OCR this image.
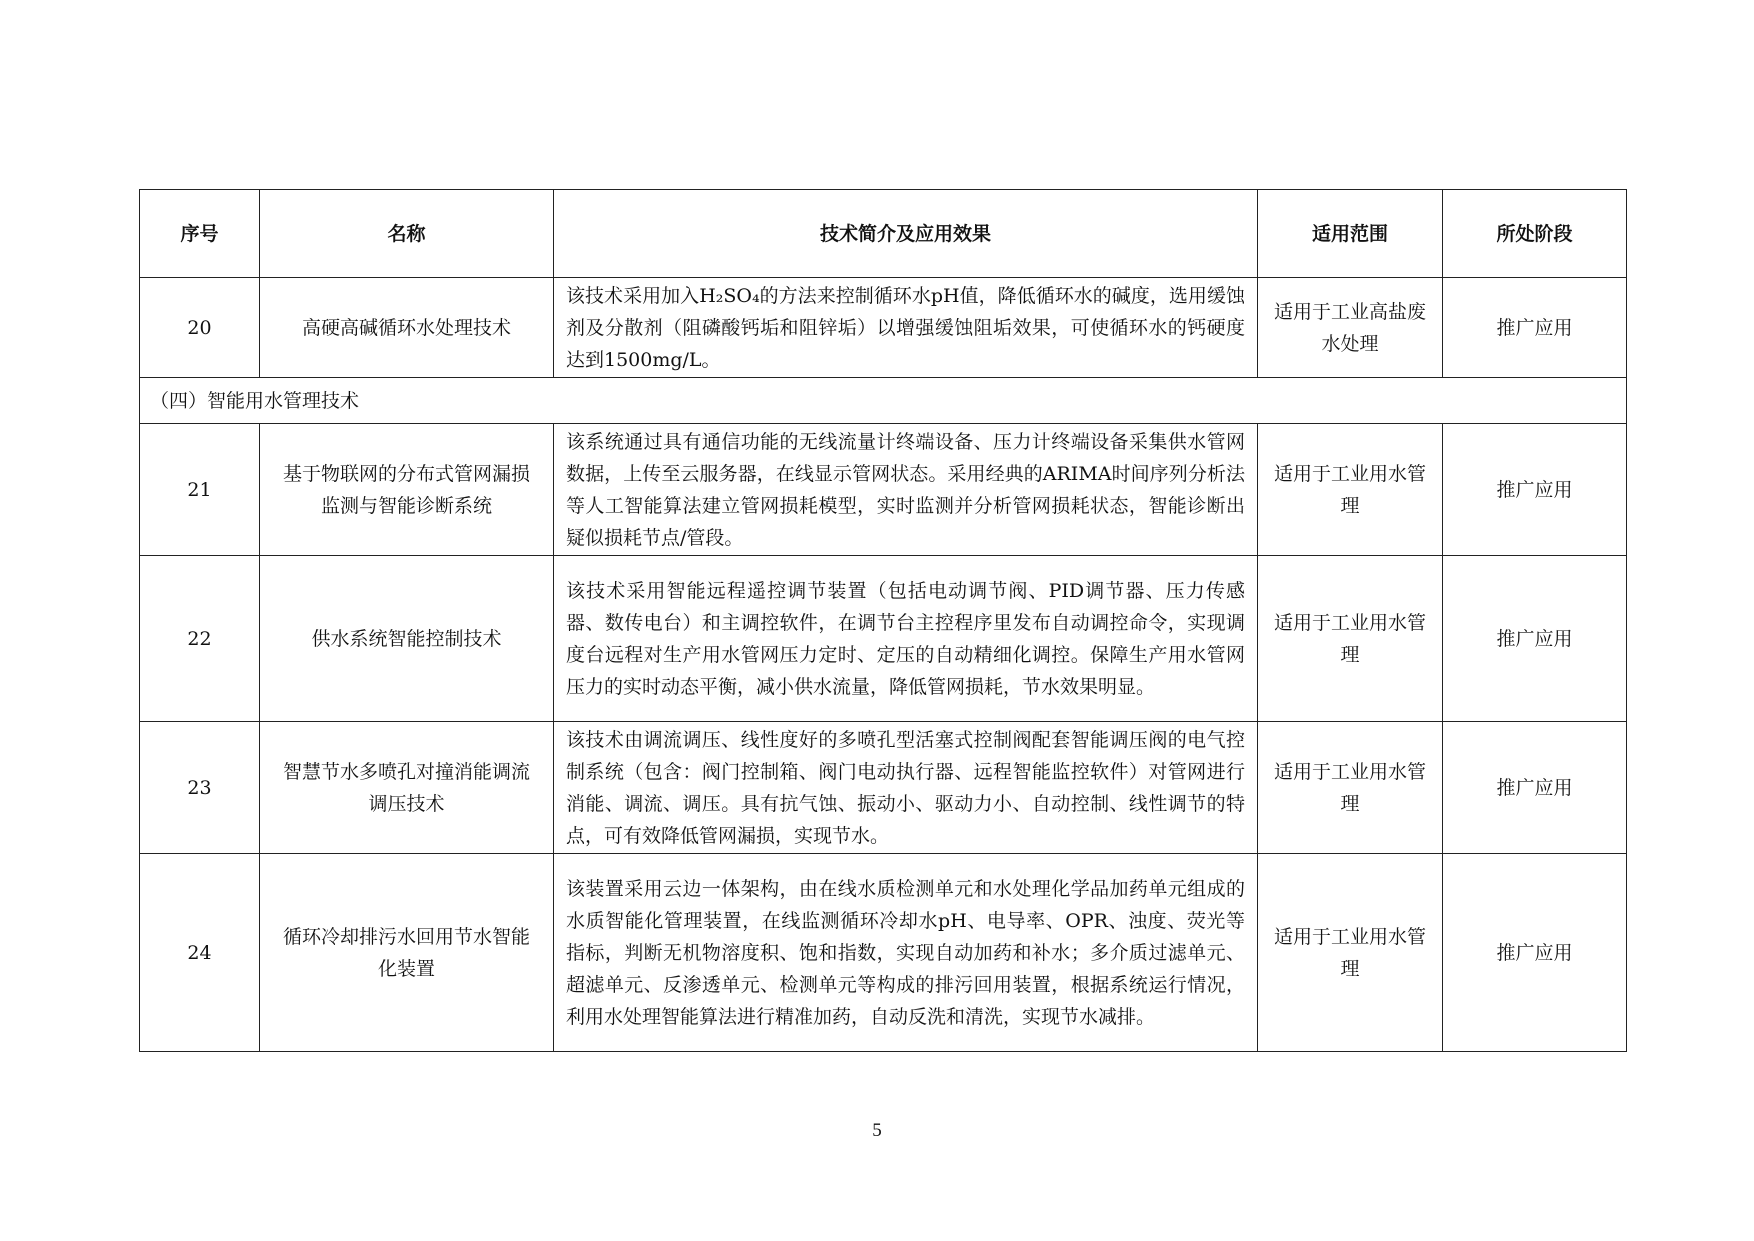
序号	名称	技术简介及应用效果	适用范围	所处阶段
20	高硬高碱循环水处理技术	该技术采用加入H₂SO₄的方法来控制循环水pH值，降低循环水的碱度，选用缓蚀剂及分散剂（阻磷酸钙垢和阻锌垢）以增强缓蚀阻垢效果，可使循环水的钙硬度达到1500mg/L。	适用于工业高盐废水处理	推广应用
（四）智能用水管理技术				
21	基于物联网的分布式管网漏损监测与智能诊断系统	该系统通过具有通信功能的无线流量计终端设备、压力计终端设备采集供水管网数据，上传至云服务器，在线显示管网状态。采用经典的ARIMA时间序列分析法等人工智能算法建立管网损耗模型，实时监测并分析管网损耗状态，智能诊断出疑似损耗节点/管段。	适用于工业用水管理	推广应用
22	供水系统智能控制技术	该技术采用智能远程遥控调节装置（包括电动调节阀、PID调节器、压力传感器、数传电台）和主调控软件，在调节台主控程序里发布自动调控命令，实现调度台远程对生产用水管网压力定时、定压的自动精细化调控。保障生产用水管网压力的实时动态平衡，减小供水流量，降低管网损耗，节水效果明显。	适用于工业用水管理	推广应用
23	智慧节水多喷孔对撞消能调流调压技术	该技术由调流调压、线性度好的多喷孔型活塞式控制阀配套智能调压阀的电气控制系统（包含：阀门控制箱、阀门电动执行器、远程智能监控软件）对管网进行消能、调流、调压。具有抗气蚀、振动小、驱动力小、自动控制、线性调节的特点，可有效降低管网漏损，实现节水。	适用于工业用水管理	推广应用
24	循环冷却排污水回用节水智能化装置	该装置采用云边一体架构，由在线水质检测单元和水处理化学品加药单元组成的水质智能化管理装置，在线监测循环冷却水pH、电导率、OPR、浊度、荧光等指标，判断无机物溶度积、饱和指数，实现自动加药和补水；多介质过滤单元、超滤单元、反渗透单元、检测单元等构成的排污回用装置，根据系统运行情况，利用水处理智能算法进行精准加药，自动反洗和清洗，实现节水减排。	适用于工业用水管理	推广应用
5
